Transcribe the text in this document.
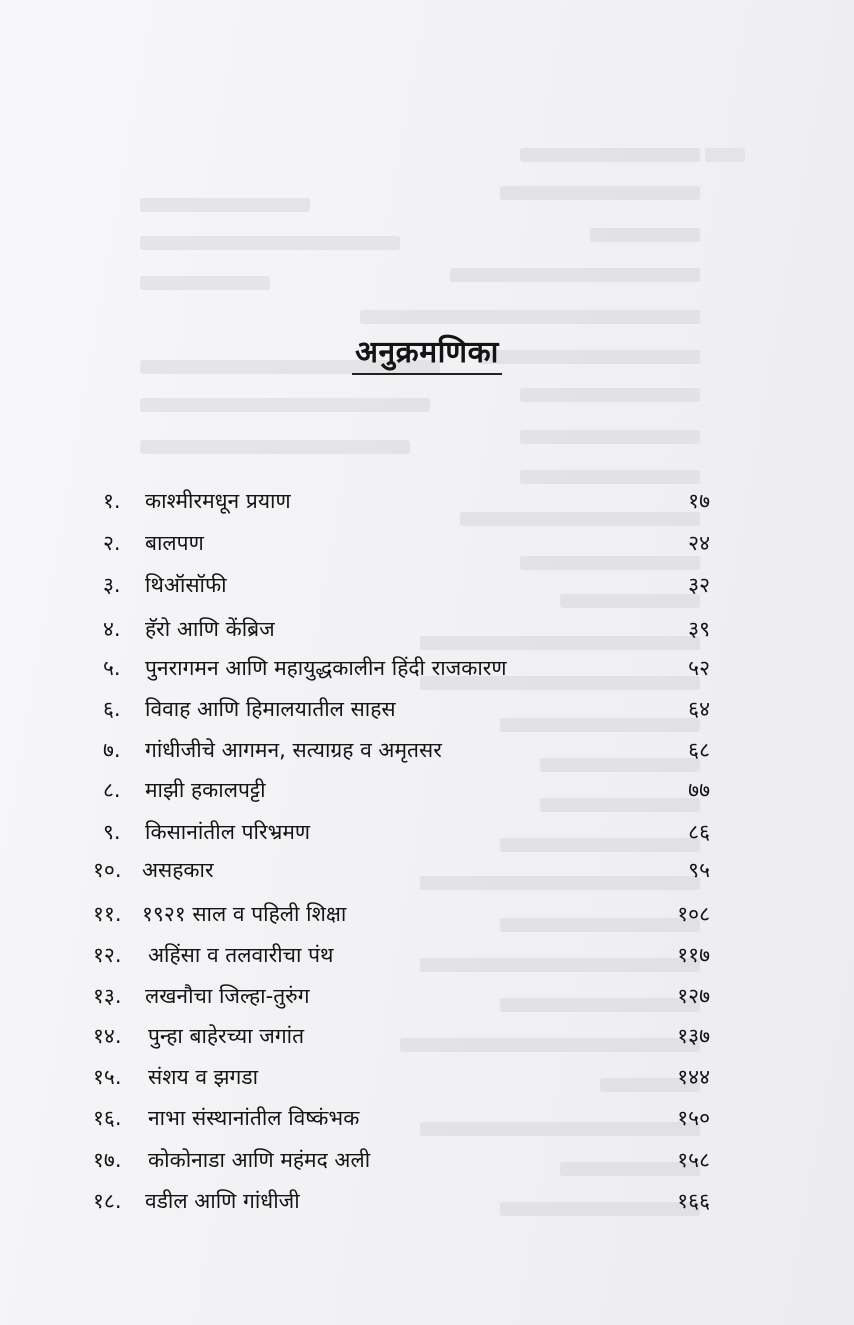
अनुक्रमणिका
१. काश्मीरमधून प्रयाण	१७
२. बालपण	२४
३. थिऑसॉफी	३२
४. हॅरो आणि केंब्रिज	३९
५. पुनरागमन आणि महायुद्धकालीन हिंदी राजकारण	५२
६. विवाह आणि हिमालयातील साहस	६४
७. गांधीजीचे आगमन, सत्याग्रह व अमृतसर	६८
८. माझी हकालपट्टी	७७
९. किसानांतील परिभ्रमण	८६
१०. असहकार	९५
११. १९२१ साल व पहिली शिक्षा	१०८
१२. अहिंसा व तलवारीचा पंथ	११७
१३. लखनौचा जिल्हा-तुरुंग	१२७
१४. पुन्हा बाहेरच्या जगांत	१३७
१५. संशय व झगडा	१४४
१६. नाभा संस्थानांतील विष्कंभक	१५०
१७. कोकोनाडा आणि महंमद अली	१५८
१८. वडील आणि गांधीजी	१६६
